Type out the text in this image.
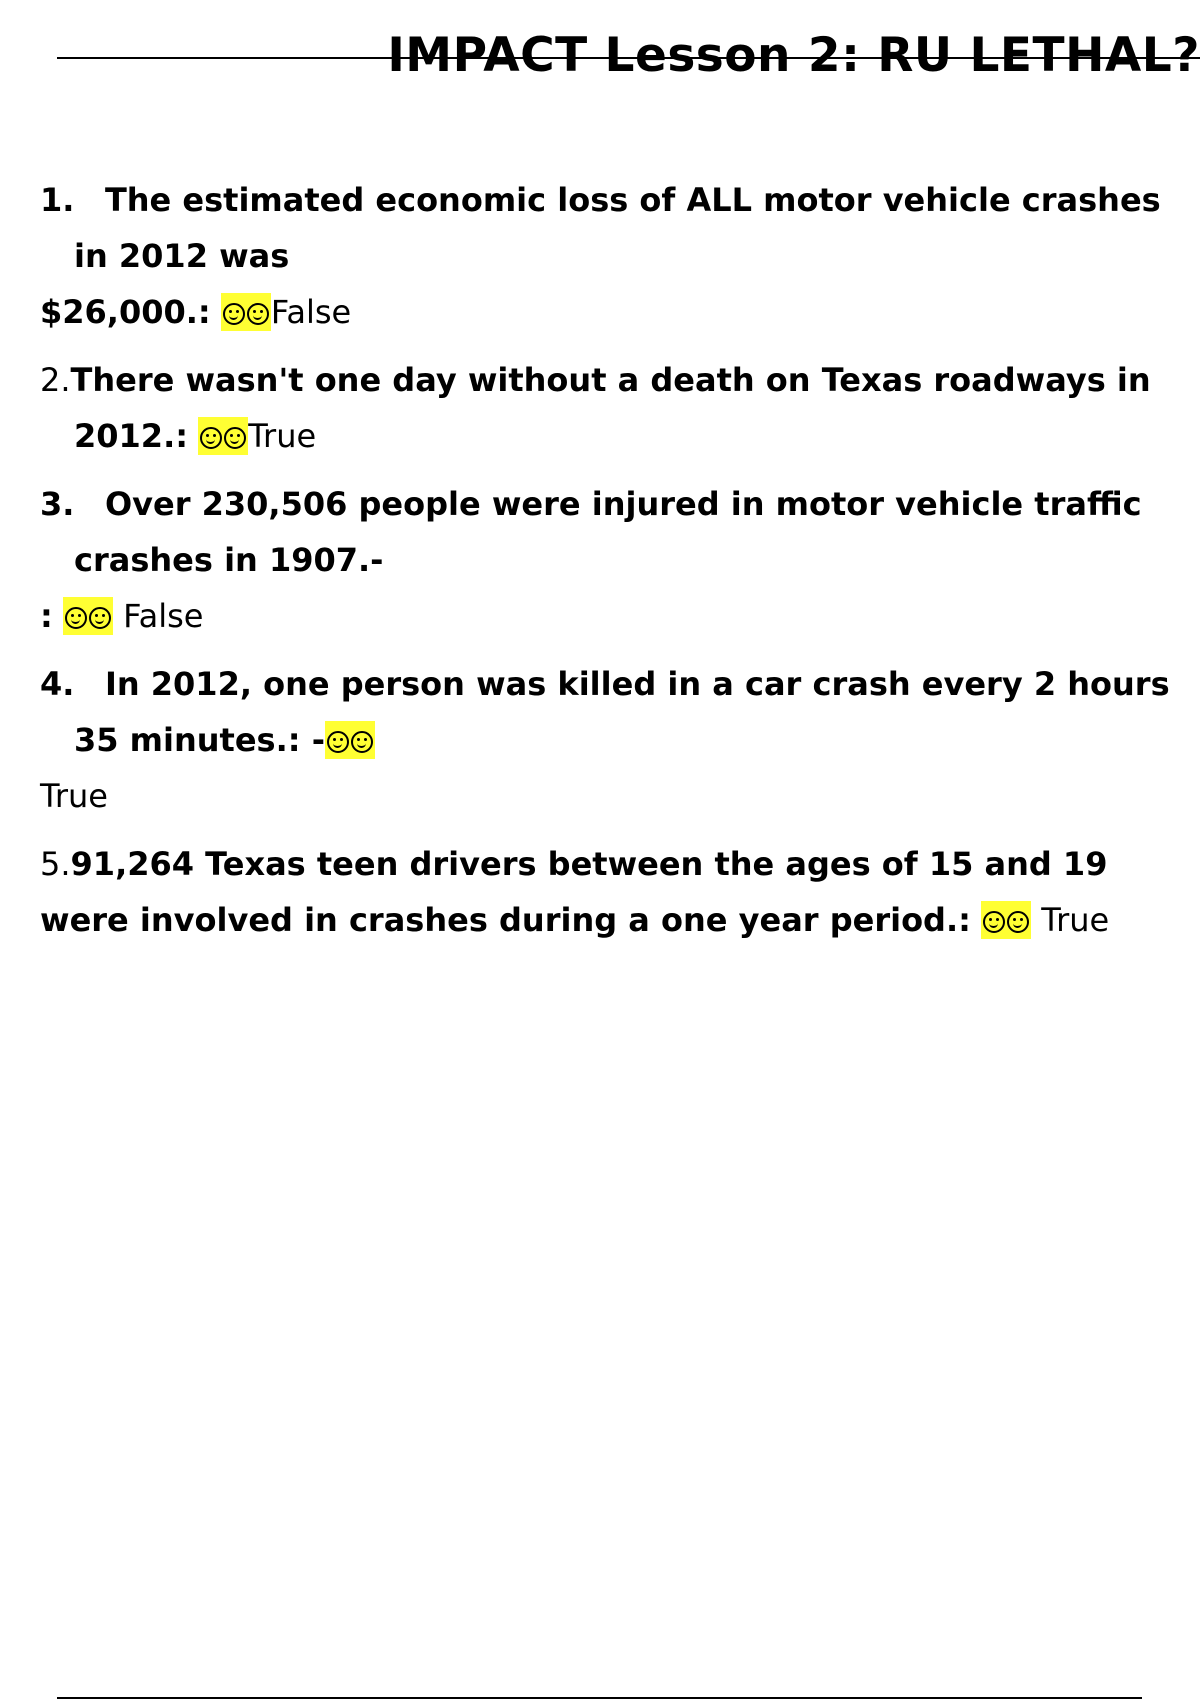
IMPACT Lesson 2: RU LETHAL?

1. The estimated economic loss of ALL motor vehicle crashes

in 2012 was

$26,000.: False

2.There wasn't one day without a death on Texas roadways in

2012.: True

3. Over 230,506 people were injured in motor vehicle traffic

crashes in 1907.-

: False

4. In 2012, one person was killed in a car crash every 2 hours

35 minutes.: -

True

5.91,264 Texas teen drivers between the ages of 15 and 19

were involved in crashes during a one year period.: True
